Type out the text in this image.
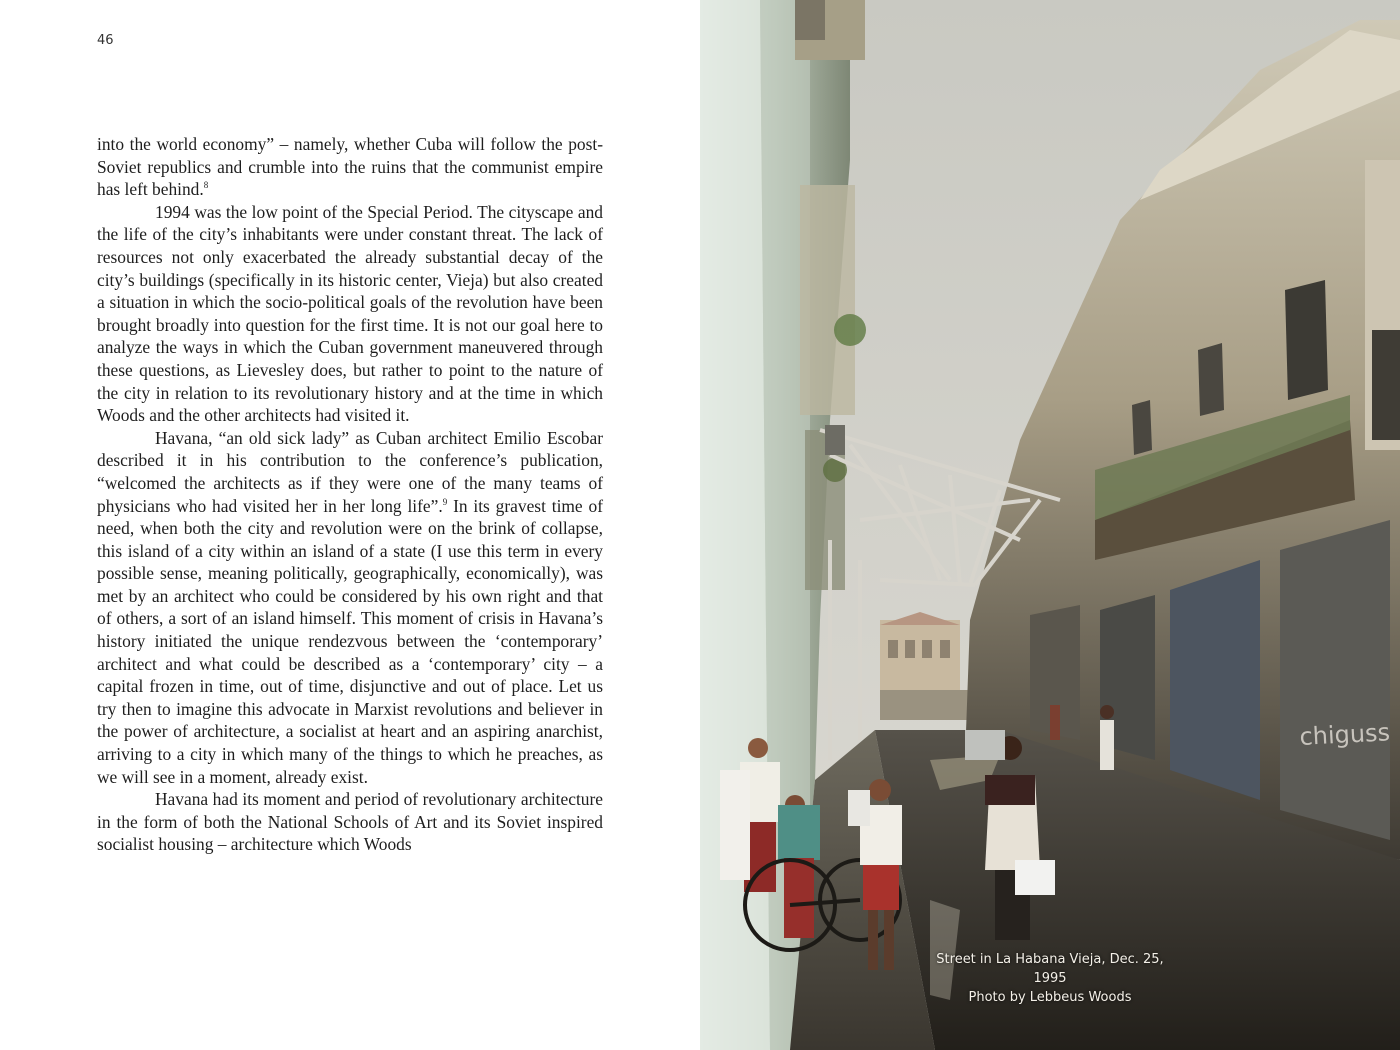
46

into the world economy” – namely, whether Cuba will follow the post-Soviet republics and crumble into the ruins that the communist empire has left behind.$^8$

1994 was the low point of the Special Period. The cityscape and the life of the city’s inhabitants were under constant threat. The lack of resources not only exacerbated the already substantial decay of the city’s buildings (specifically in its historic center, Vieja) but also created a situation in which the socio-political goals of the revolution have been brought broadly into question for the first time. It is not our goal here to analyze the ways in which the Cuban government maneuvered through these questions, as Lievesley does, but rather to point to the nature of the city in relation to its revolutionary history and at the time in which Woods and the other architects had visited it.

Havana, “an old sick lady” as Cuban architect Emilio Escobar described it in his contribution to the conference’s publication, “welcomed the architects as if they were one of the many teams of physicians who had visited her in her long life”.$^9$ In its gravest time of need, when both the city and revolution were on the brink of collapse, this island of a city within an island of a state (I use this term in every possible sense, meaning politically, geographically, economically), was met by an architect who could be considered by his own right and that of others, a sort of an island himself. This moment of crisis in Havana’s history initiated the unique rendezvous between the ‘contemporary’ architect and what could be described as a ‘contemporary’ city – a capital frozen in time, out of time, disjunctive and out of place. Let us try then to imagine this advocate in Marxist revolutions and believer in the power of architecture, a socialist at heart and an aspiring anarchist, arriving to a city in which many of the things to which he preaches, as we will see in a moment, already exist.

Havana had its moment and period of revolutionary architecture in the form of both the National Schools of Art and its Soviet inspired socialist housing – architecture which Woods

chiguss
Street in La Habana Vieja, Dec. 25, 1995
Photo by Lebbeus Woods
